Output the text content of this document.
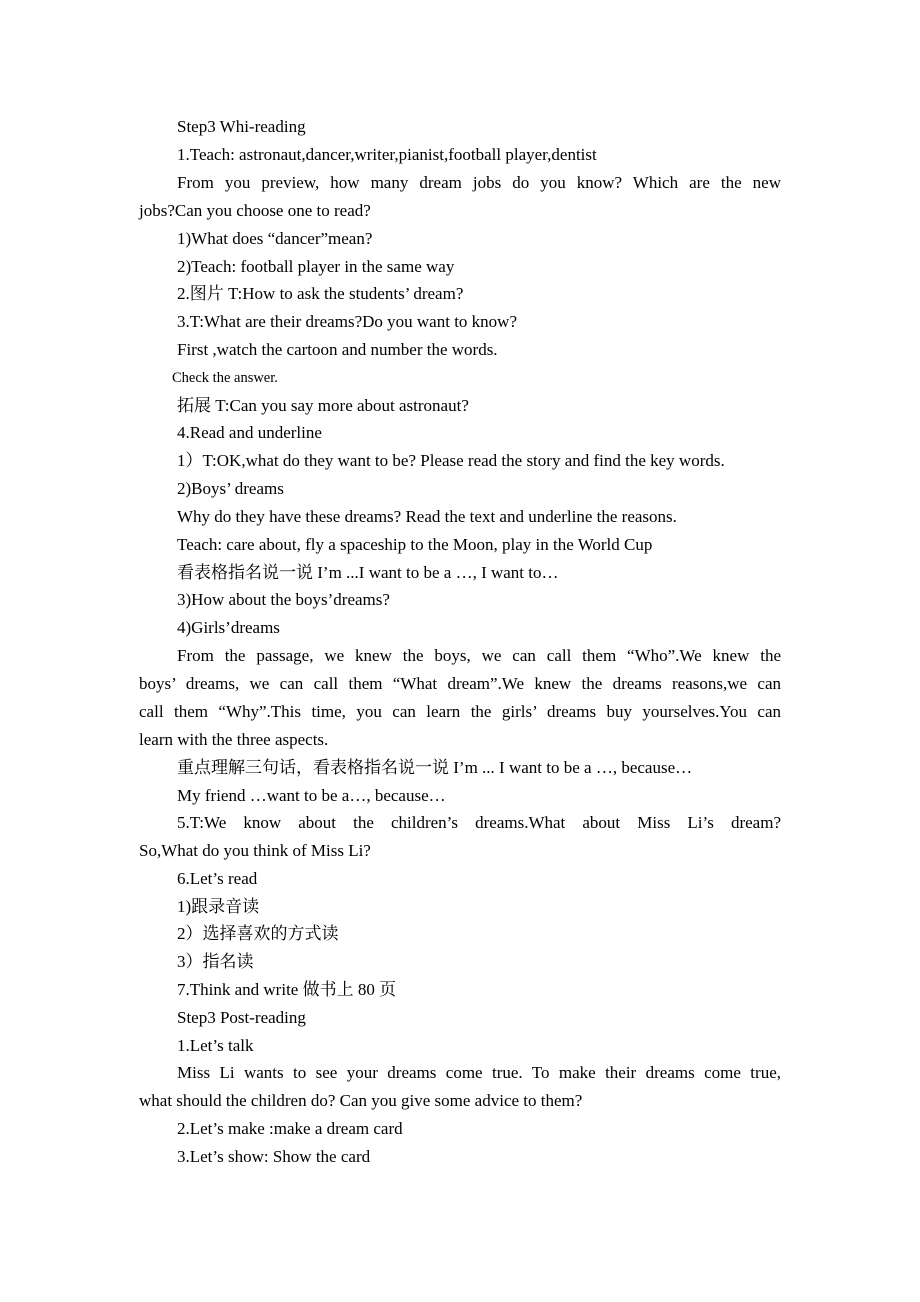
Step3 Whi-reading
1.Teach: astronaut,dancer,writer,pianist,football player,dentist
From you preview, how many dream jobs do you know? Which are the new
jobs?Can you choose one to read?
1)What does “dancer”mean?
2)Teach: football player in the same way
2.图片 T:How to ask the students’ dream?
3.T:What are their dreams?Do you want to know?
First ,watch the cartoon and number the words.
Check the answer.
拓展 T:Can you say more about astronaut?
4.Read and underline
1）T:OK,what do they want to be? Please read the story and find the key words.
2)Boys’ dreams
Why do they have these dreams? Read the text and underline the reasons.
Teach: care about, fly a spaceship to the Moon, play in the World Cup
看表格指名说一说 I’m ...I want to be a …, I want to…
3)How about the boys’dreams?
4)Girls’dreams
From the passage, we knew the boys, we can call them “Who”.We knew the
boys’ dreams, we can call them “What dream”.We knew the dreams reasons,we can
call them “Why”.This time, you can learn the girls’ dreams buy yourselves.You can
learn with the three aspects.
重点理解三句话，看表格指名说一说 I’m ... I want to be a …, because…
My friend …want to be a…, because…
5.T:We know about the children’s dreams.What about Miss Li’s dream?
So,What do you think of Miss Li?
6.Let’s read
1)跟录音读
2）选择喜欢的方式读
3）指名读
7.Think and write 做书上 80 页
Step3 Post-reading
1.Let’s talk
Miss Li wants to see your dreams come true. To make their dreams come true,
what should the children do? Can you give some advice to them?
2.Let’s make :make a dream card
3.Let’s show: Show the card
